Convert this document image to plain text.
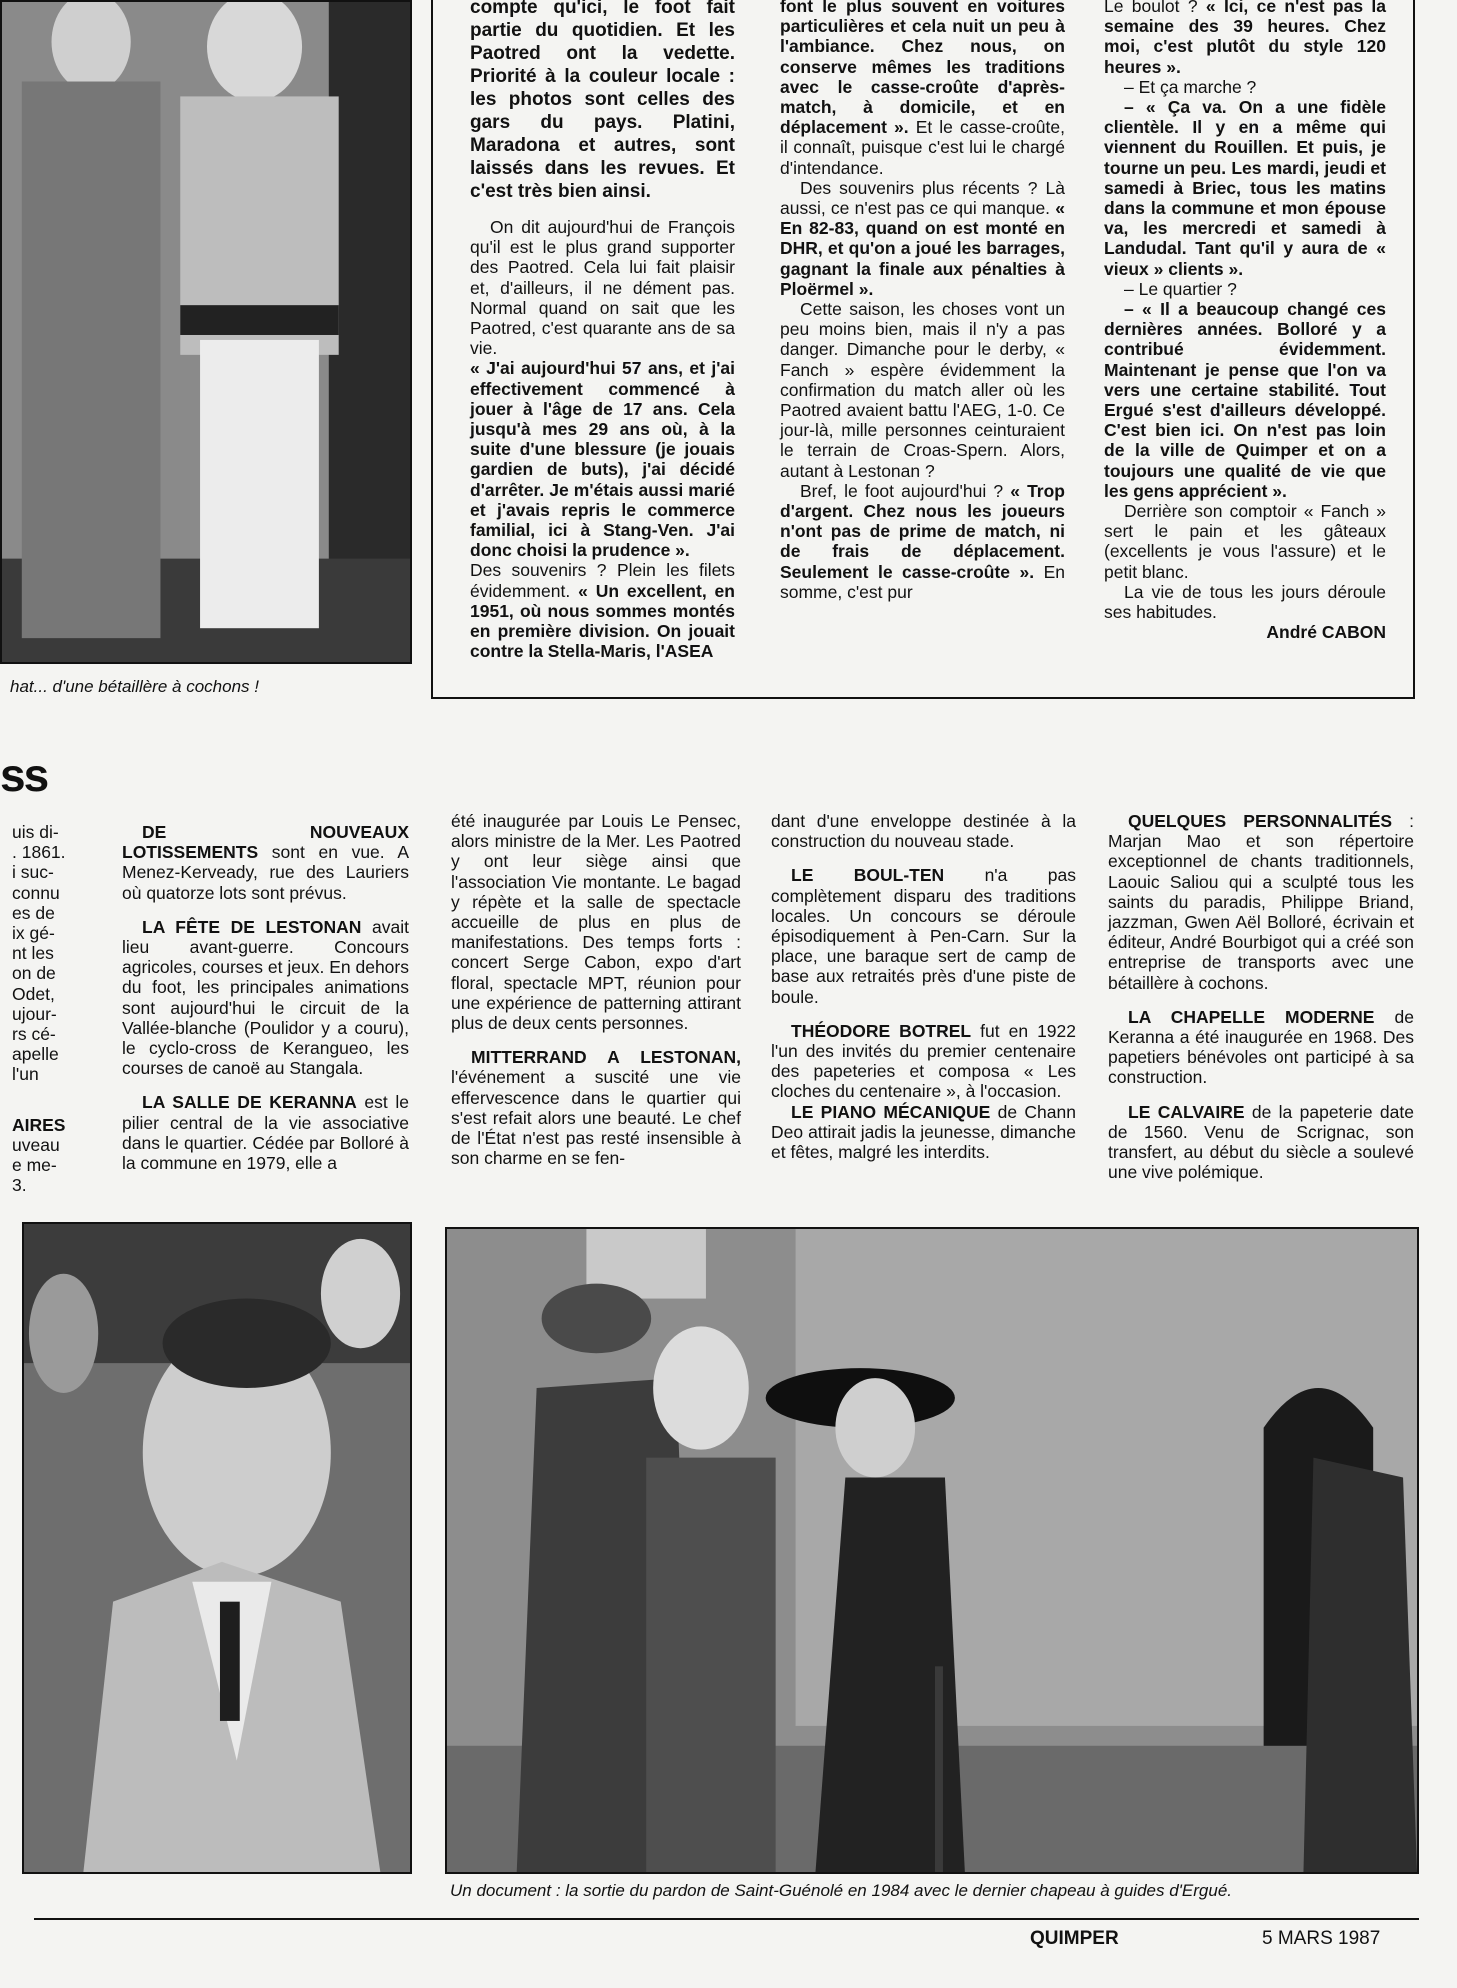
hat... d'une bétaillère à cochons !

compte qu'ici, le foot fait partie du quotidien. Et les Paotred ont la vedette. Priorité à la couleur locale : les photos sont celles des gars du pays. Platini, Maradona et autres, sont laissés dans les revues. Et c'est très bien ainsi.

On dit aujourd'hui de François qu'il est le plus grand supporter des Paotred. Cela lui fait plaisir et, d'ailleurs, il ne dément pas. Normal quand on sait que les Paotred, c'est quarante ans de sa vie.

« J'ai aujourd'hui 57 ans, et j'ai effectivement commencé à jouer à l'âge de 17 ans. Cela jusqu'à mes 29 ans où, à la suite d'une blessure (je jouais gardien de buts), j'ai décidé d'arrêter. Je m'étais aussi marié et j'avais repris le commerce familial, ici à Stang-Ven. J'ai donc choisi la prudence ».

Des souvenirs ? Plein les filets évidemment. « Un excellent, en 1951, où nous sommes montés en première division. On jouait contre la Stella-Maris, l'ASEA

font le plus souvent en voitures particulières et cela nuit un peu à l'ambiance. Chez nous, on conserve mêmes les traditions avec le casse-croûte d'après-match, à domicile, et en déplacement ». Et le casse-croûte, il connaît, puisque c'est lui le chargé d'intendance.

Des souvenirs plus récents ? Là aussi, ce n'est pas ce qui manque. « En 82-83, quand on est monté en DHR, et qu'on a joué les barrages, gagnant la finale aux pénalties à Ploërmel ».

Cette saison, les choses vont un peu moins bien, mais il n'y a pas danger. Dimanche pour le derby, « Fanch » espère évidemment la confirmation du match aller où les Paotred avaient battu l'AEG, 1-0. Ce jour-là, mille personnes ceinturaient le terrain de Croas-Spern. Alors, autant à Lestonan ?

Bref, le foot aujourd'hui ? « Trop d'argent. Chez nous les joueurs n'ont pas de prime de match, ni de frais de déplacement. Seulement le casse-croûte ». En somme, c'est pur

Le boulot ? « Ici, ce n'est pas la semaine des 39 heures. Chez moi, c'est plutôt du style 120 heures ».

– Et ça marche ?

– « Ça va. On a une fidèle clientèle. Il y en a même qui viennent du Rouillen. Et puis, je tourne un peu. Les mardi, jeudi et samedi à Briec, tous les matins dans la commune et mon épouse va, les mercredi et samedi à Landudal. Tant qu'il y aura de « vieux » clients ».

– Le quartier ?

– « Il a beaucoup changé ces dernières années. Bolloré y a contribué évidemment. Maintenant je pense que l'on va vers une certaine stabilité. Tout Ergué s'est d'ailleurs développé. C'est bien ici. On n'est pas loin de la ville de Quimper et on a toujours une qualité de vie que les gens apprécient ».

Derrière son comptoir « Fanch » sert le pain et les gâteaux (excellents je vous l'assure) et le petit blanc.

La vie de tous les jours déroule ses habitudes.

André CABON

ss
uis di-
. 1861.
i suc-
connu
es de
ix gé-
nt les
on de
Odet,
ujour-
rs cé-
apelle
l'un
AIRES
uveau
e me-
3.

DE NOUVEAUX LOTISSEMENTS sont en vue. A Menez-Kerveady, rue des Lauriers où quatorze lots sont prévus.

LA FÊTE DE LESTONAN avait lieu avant-guerre. Concours agricoles, courses et jeux. En dehors du foot, les principales animations sont aujourd'hui le circuit de la Vallée-blanche (Poulidor y a couru), le cyclo-cross de Kerangueo, les courses de canoë au Stangala.

LA SALLE DE KERANNA est le pilier central de la vie associative dans le quartier. Cédée par Bolloré à la commune en 1979, elle a

été inaugurée par Louis Le Pensec, alors ministre de la Mer. Les Paotred y ont leur siège ainsi que l'association Vie montante. Le bagad y répète et la salle de spectacle accueille de plus en plus de manifestations. Des temps forts : concert Serge Cabon, expo d'art floral, spectacle MPT, réunion pour une expérience de patterning attirant plus de deux cents personnes.

MITTERRAND A LESTONAN, l'événement a suscité une vie effervescence dans le quartier qui s'est refait alors une beauté. Le chef de l'État n'est pas resté insensible à son charme en se fen-

dant d'une enveloppe destinée à la construction du nouveau stade.

LE BOUL-TEN n'a pas complètement disparu des traditions locales. Un concours se déroule épisodiquement à Pen-Carn. Sur la place, une baraque sert de camp de base aux retraités près d'une piste de boule.

THÉODORE BOTREL fut en 1922 l'un des invités du premier centenaire des papeteries et composa « Les cloches du centenaire », à l'occasion.

LE PIANO MÉCANIQUE de Chann Deo attirait jadis la jeunesse, dimanche et fêtes, malgré les interdits.

QUELQUES PERSONNALITÉS : Marjan Mao et son répertoire exceptionnel de chants traditionnels, Laouic Saliou qui a sculpté tous les saints du paradis, Philippe Briand, jazzman, Gwen Aël Bolloré, écrivain et éditeur, André Bourbigot qui a créé son entreprise de transports avec une bétaillère à cochons.

LA CHAPELLE MODERNE de Keranna a été inaugurée en 1968. Des papetiers bénévoles ont participé à sa construction.

LE CALVAIRE de la papeterie date de 1560. Venu de Scrignac, son transfert, au début du siècle a soulevé une vive polémique.

Un document : la sortie du pardon de Saint-Guénolé en 1984 avec le dernier chapeau à guides d'Ergué.
QUIMPER	5 MARS 1987
